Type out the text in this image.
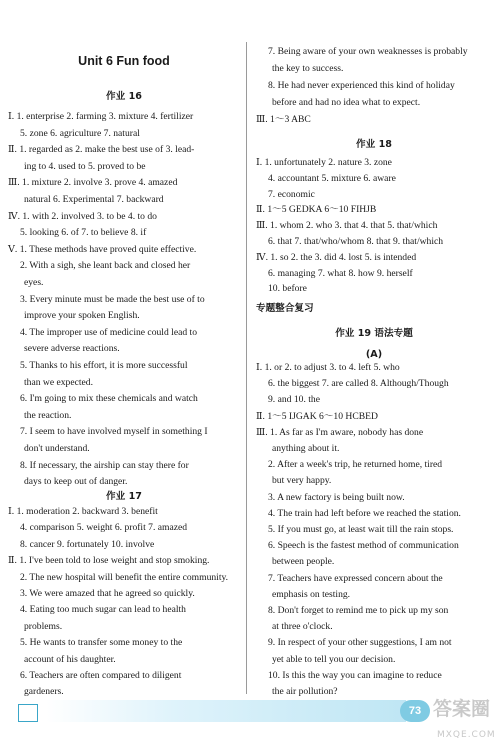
Unit 6 Fun food
作业 16
Ⅰ. 1. enterprise 2. farming 3. mixture 4. fertilizer
5. zone 6. agriculture 7. natural
Ⅱ. 1. regarded as 2. make the best use of 3. lead-
ing to 4. used to 5. proved to be
Ⅲ. 1. mixture 2. involve 3. prove 4. amazed
natural 6. Experimental 7. backward
Ⅳ. 1. with 2. involved 3. to be 4. to do
5. looking 6. of 7. to believe 8. if
Ⅴ. 1. These methods have proved quite effective.
2. With a sigh, she leant back and closed her
eyes.
3. Every minute must be made the best use of to
improve your spoken English.
4. The improper use of medicine could lead to
severe adverse reactions.
5. Thanks to his effort, it is more successful
than we expected.
6. I'm going to mix these chemicals and watch
the reaction.
7. I seem to have involved myself in something I
don't understand.
8. If necessary, the airship can stay there for
days to keep out of danger.
作业 17
Ⅰ. 1. moderation 2. backward 3. benefit
4. comparison 5. weight 6. profit 7. amazed
8. cancer 9. fortunately 10. involve
Ⅱ. 1. I've been told to lose weight and stop smoking.
2. The new hospital will benefit the entire community.
3. We were amazed that he agreed so quickly.
4. Eating too much sugar can lead to health
problems.
5. He wants to transfer some money to the
account of his daughter.
6. Teachers are often compared to diligent
gardeners.
7. Being aware of your own weaknesses is probably
the key to success.
8. He had never experienced this kind of holiday
before and had no idea what to expect.
Ⅲ. 1～3 ABC
作业 18
Ⅰ. 1. unfortunately 2. nature 3. zone
4. accountant 5. mixture 6. aware
7. economic
Ⅱ. 1～5 GEDKA 6～10 FIHJB
Ⅲ. 1. whom 2. who 3. that 4. that 5. that/which
6. that 7. that/who/whom 8. that 9. that/which
Ⅳ. 1. so 2. the 3. did 4. lost 5. is intended
6. managing 7. what 8. how 9. herself
10. before
专题整合复习
作业 19 语法专题
(A)
Ⅰ. 1. or 2. to adjust 3. to 4. left 5. who
6. the biggest 7. are called 8. Although/Though
9. and 10. the
Ⅱ. 1～5 IJGAK 6～10 HCBED
Ⅲ. 1. As far as I'm aware, nobody has done
anything about it.
2. After a week's trip, he returned home, tired
but very happy.
3. A new factory is being built now.
4. The train had left before we reached the station.
5. If you must go, at least wait till the rain stops.
6. Speech is the fastest method of communication
between people.
7. Teachers have expressed concern about the
emphasis on testing.
8. Don't forget to remind me to pick up my son
at three o'clock.
9. In respect of your other suggestions, I am not
yet able to tell you our decision.
10. Is this the way you can imagine to reduce
the air pollution?
73 答案圈
MXQE.COM
